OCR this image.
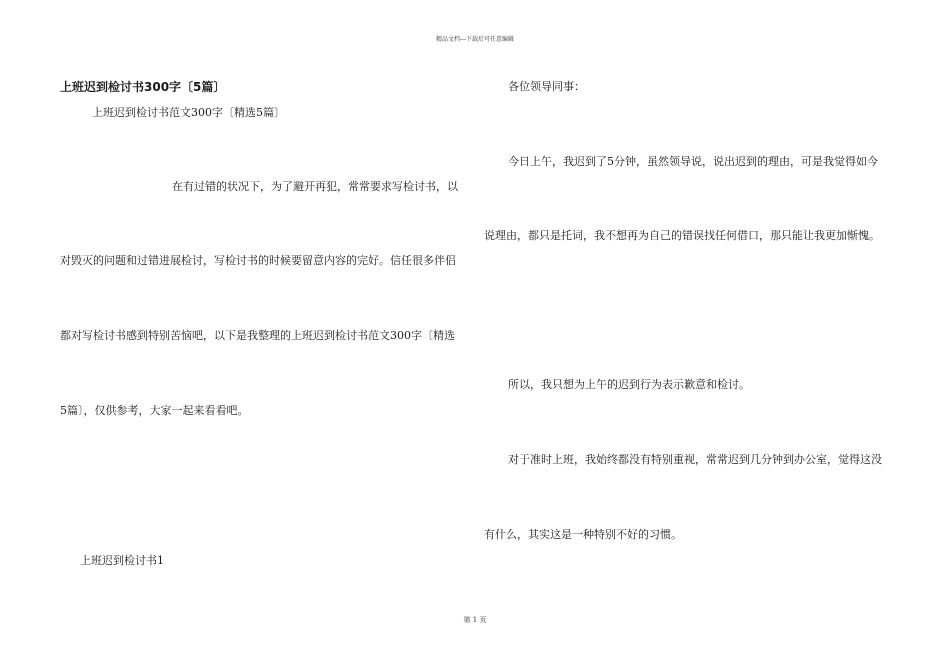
精品文档---下载后可任意编辑
上班迟到检讨书300字〔5篇〕
上班迟到检讨书范文300字〔精选5篇〕
在有过错的状况下，为了避开再犯，常常要求写检讨书，以
对毁灭的问题和过错进展检讨，写检讨书的时候要留意内容的完好。信任很多伴侣
都对写检讨书感到特别苦恼吧，以下是我整理的上班迟到检讨书范文300字〔精选
5篇〕，仅供参考，大家一起来看看吧。
上班迟到检讨书1
各位领导同事：
今日上午，我迟到了5分钟，虽然领导说，说出迟到的理由，可是我觉得如今
说理由，都只是托词，我不想再为自己的错误找任何借口，那只能让我更加惭愧。
所以，我只想为上午的迟到行为表示歉意和检讨。
对于准时上班，我始终都没有特别重视，常常迟到几分钟到办公室，觉得这没
有什么，其实这是一种特别不好的习惯。
第 1 页
